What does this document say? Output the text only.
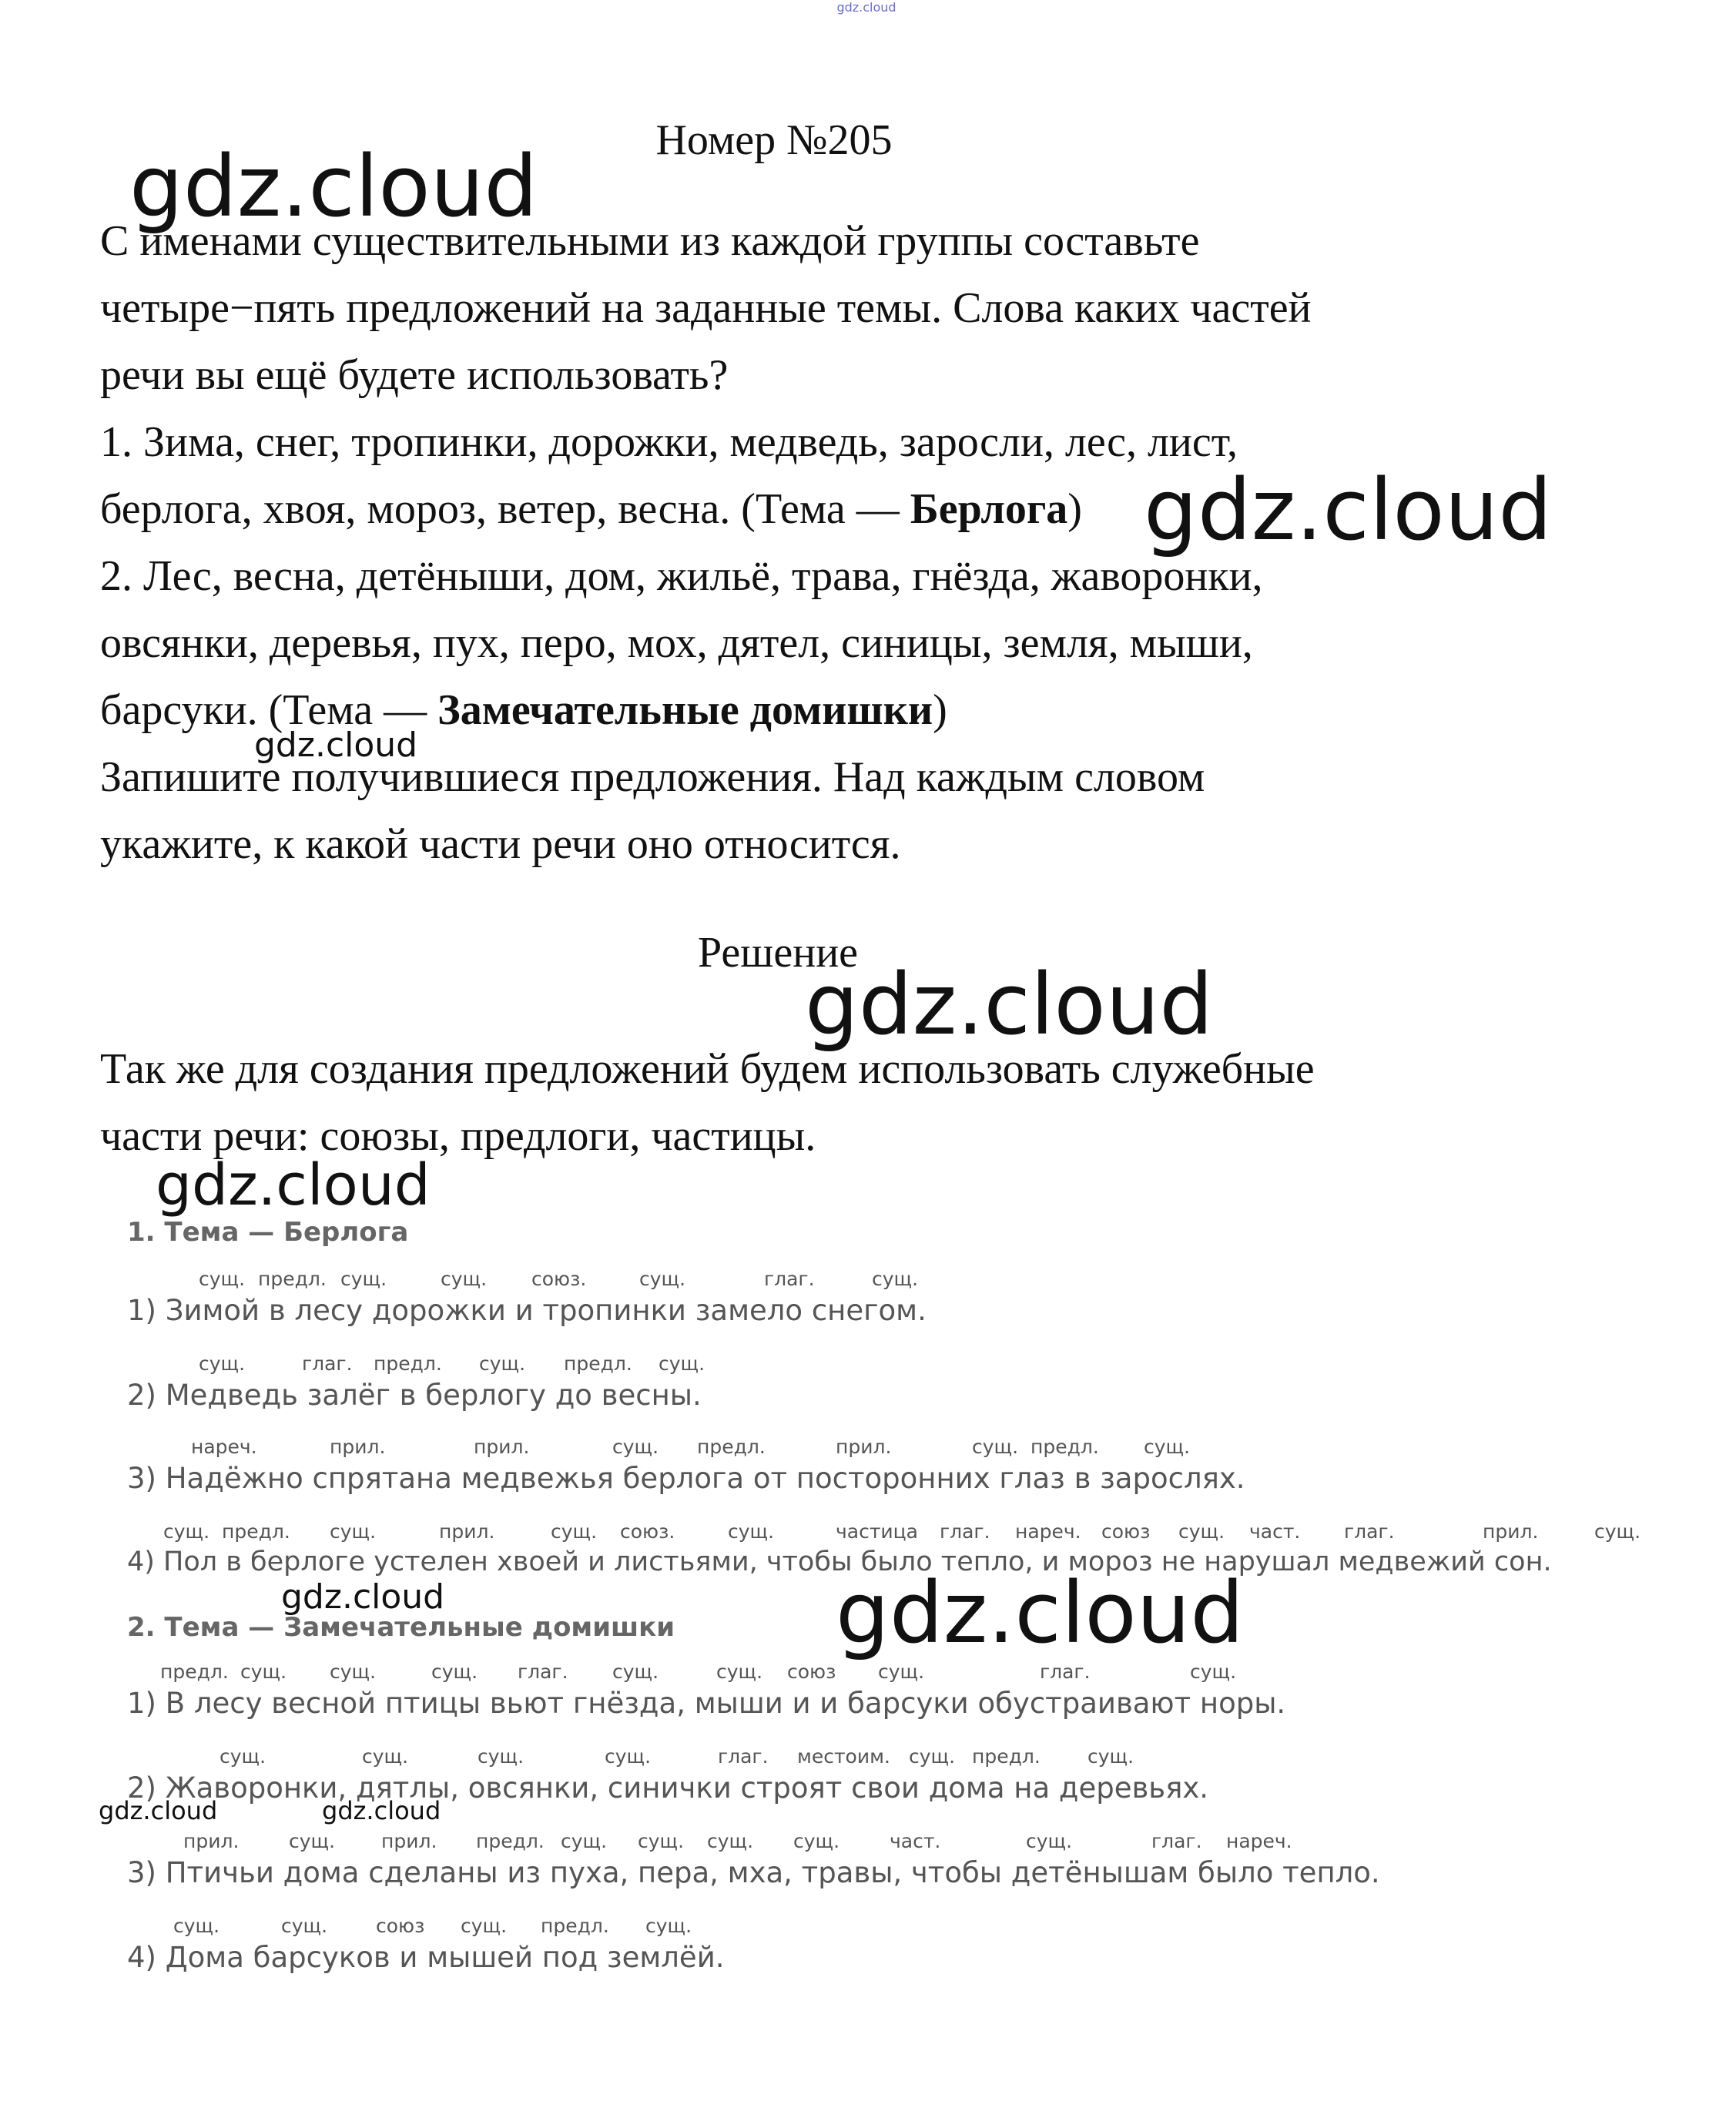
gdz.cloud
Номер №205

С именами существительными из каждой группы составьте

четыре−пять предложений на заданные темы. Слова каких частей

речи вы ещё будете использовать?

1. Зима, снег, тропинки, дорожки, медведь, заросли, лес, лист,

берлога, хвоя, мороз, ветер, весна. (Тема — Берлога)

2. Лес, весна, детёныши, дом, жильё, трава, гнёзда, жаворонки,

овсянки, деревья, пух, перо, мох, дятел, синицы, земля, мыши,

барсуки. (Тема — Замечательные домишки)

Запишите получившиеся предложения. Над каждым словом

укажите, к какой части речи оно относится.

Решение

Так же для создания предложений будем использовать служебные

части речи: союзы, предлоги, частицы.

1. Тема — Берлога
сущ. предл. сущ.	сущ. союз.	сущ.	глаг.	сущ.
1) Зимой в лесу дорожки и тропинки замело снегом.
сущ.	глаг. предл. сущ. предл. сущ.
2) Медведь залёг в берлогу до весны.
нареч.	прил.	прил.	сущ. предл.	прил.	сущ. предл. сущ.
3) Надёжно спрятана медвежья берлога от посторонних глаз в зарослях.
сущ. предл. сущ.	прил.	сущ. союз.	сущ.	частица глаг. нареч. союз сущ. част. глаг.	прил.	сущ.
4) Пол в берлоге устелен хвоей и листьями, чтобы было тепло, и мороз не нарушал медвежий сон.
2. Тема — Замечательные домишки
предл. сущ. сущ.	сущ. глаг. сущ.	сущ. союз сущ.	глаг.	сущ.
1) В лесу весной птицы вьют гнёзда, мыши и и барсуки обустраивают норы.
сущ.	сущ.	сущ.	сущ.	глаг. местоим. сущ. предл. сущ.
2) Жаворонки, дятлы, овсянки, синички строят свои дома на деревьях.
прил.	сущ. прил. предл. сущ. сущ. сущ. сущ.	част.	сущ.	глаг. нареч.
3) Птичьи дома сделаны из пуха, пера, мха, травы, чтобы детёнышам было тепло.
сущ.	сущ.	союз сущ. предл. сущ.
4) Дома барсуков и мышей под землёй.
gdz.cloud
gdz.cloud
gdz.cloud
gdz.cloud
gdz.cloud
gdz.cloud
gdz.cloud
gdz.cloud	gdz.cloud
